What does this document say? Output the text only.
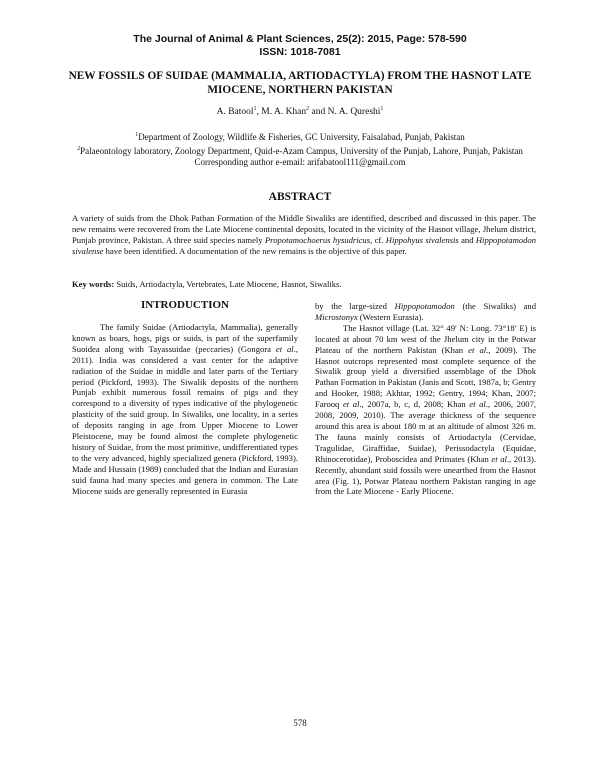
The Journal of Animal & Plant Sciences, 25(2): 2015, Page: 578-590
ISSN: 1018-7081
NEW FOSSILS OF SUIDAE (MAMMALIA, ARTIODACTYLA) FROM THE HASNOT LATE MIOCENE, NORTHERN PAKISTAN
A. Batool$^1$, M. A. Khan$^2$ and N. A. Qureshi$^1$
$^1$Department of Zoology, Wildlife & Fisheries, GC University, Faisalabad, Punjab, Pakistan
$^2$Palaeontology laboratory, Zoology Department, Quid-e-Azam Campus, University of the Punjab, Lahore, Punjab, Pakistan
Corresponding author e-email: arifabatool111@gmail.com
ABSTRACT
A variety of suids from the Dhok Pathan Formation of the Middle Siwaliks are identified, described and discussed in this paper. The new remains were recovered from the Late Miocene continental deposits, located in the vicinity of the Hasnot village, Jhelum district, Punjab province, Pakistan. A three suid species namely Propotamochoerus hysudricus, cf. Hippohyus sivalensis and Hippopotamodon sivalense have been identified. A documentation of the new remains is the objective of this paper.
Key words: Suids, Artiodactyla, Vertebrates, Late Miocene, Hasnot, Siwaliks.
INTRODUCTION

The family Suidae (Artiodactyla, Mammalia), generally known as boars, hogs, pigs or suids, is part of the superfamily Suoidea along with Tayassuidae (peccaries) (Gongora et al., 2011). India was considered a vast center for the adaptive radiation of the Suidae in middle and later parts of the Tertiary period (Pickford, 1993). The Siwalik deposits of the northern Punjab exhibit numerous fossil remains of pigs and they correspond to a diversity of types indicative of the phylogenetic plasticity of the suid group. In Siwaliks, one locality, in a series of deposits ranging in age from Upper Miocene to Lower Pleistocene, may be found almost the complete phylogenetic history of Suidae, from the most primitive, undifferentiated types to the very advanced, highly specialized genera (Pickford, 1993). Made and Hussain (1989) concluded that the Indian and Eurasian suid fauna had many species and genera in common. The Late Miocene suids are generally represented in Eurasia

by the large-sized Hippopotamodon (the Siwaliks) and Microstonyx (Western Eurasia).

The Hasnot village (Lat. 32° 49′ N: Long. 73°18′ E) is located at about 70 km west of the Jhelum city in the Potwar Plateau of the northern Pakistan (Khan et al., 2009). The Hasnot outcrops represented most complete sequence of the Siwalik group yield a diversified assemblage of the Dhok Pathan Formation in Pakistan (Janis and Scott, 1987a, b; Gentry and Hooker, 1988; Akhtar, 1992; Gentry, 1994; Khan, 2007; Farooq et al., 2007a, b, c, d, 2008; Khan et al., 2006, 2007, 2008, 2009, 2010). The average thickness of the sequence around this area is about 180 m at an altitude of almost 326 m. The fauna mainly consists of Artiodactyla (Cervidae, Tragulidae, Giraffidae, Suidae), Perissodactyla (Equidae, Rhinocerotidae), Proboscidea and Primates (Khan et al., 2013). Recently, abundant suid fossils were unearthed from the Hasnot area (Fig. 1), Potwar Plateau northern Pakistan ranging in age from the Late Miocene - Early Pliocene.

578
